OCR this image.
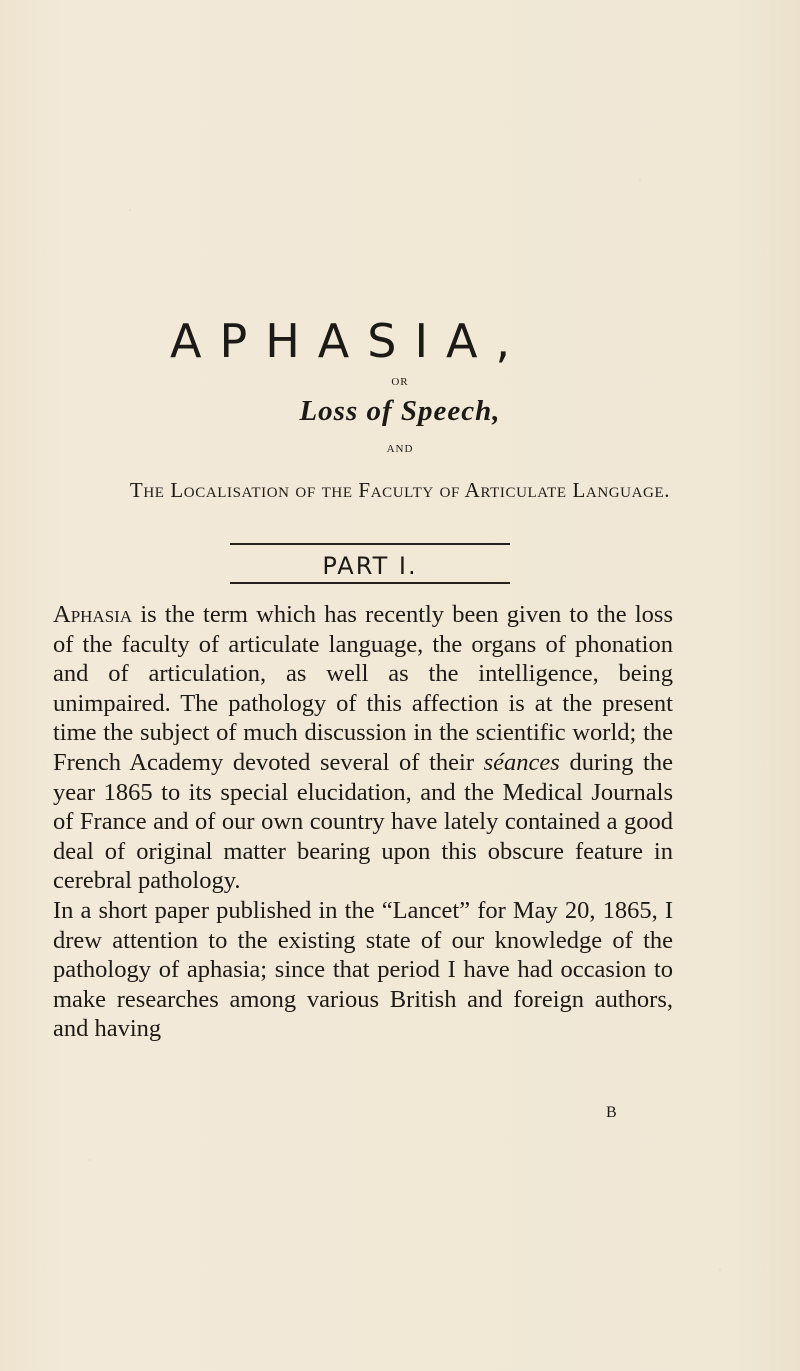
APHASIA,
OR
Loss of Speech,
AND
The Localisation of the Faculty of Articulate Language.
PART I.

Aphasia is the term which has recently been given to the loss of the faculty of articulate language, the organs of phonation and of articulation, as well as the intelligence, being unimpaired. The pathology of this affection is at the present time the subject of much discussion in the scientific world; the French Academy devoted several of their séances during the year 1865 to its special elucidation, and the Medical Journals of France and of our own country have lately contained a good deal of original matter bearing upon this obscure feature in cerebral pathology.

In a short paper published in the “Lancet” for May 20, 1865, I drew attention to the existing state of our knowledge of the pathology of aphasia; since that period I have had occasion to make researches among various British and foreign authors, and having

B
